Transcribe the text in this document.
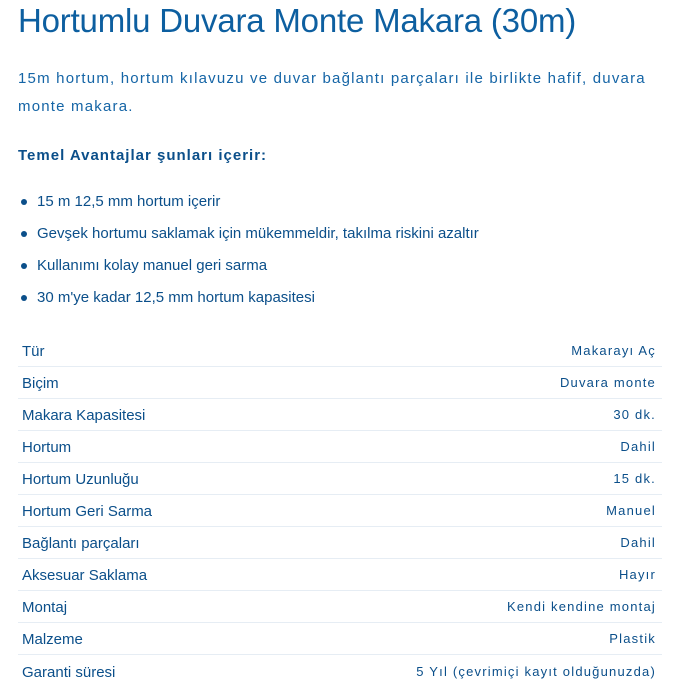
Hortumlu Duvara Monte Makara (30m)

15m hortum, hortum kılavuzu ve duvar bağlantı parçaları ile birlikte hafif, duvara monte makara.

Temel Avantajlar şunları içerir:
15 m 12,5 mm hortum içerir
Gevşek hortumu saklamak için mükemmeldir, takılma riskini azaltır
Kullanımı kolay manuel geri sarma
30 m'ye kadar 12,5 mm hortum kapasitesi
Tür	Makarayı Aç
Biçim	Duvara monte
Makara Kapasitesi	30 dk.
Hortum	Dahil
Hortum Uzunluğu	15 dk.
Hortum Geri Sarma	Manuel
Bağlantı parçaları	Dahil
Aksesuar Saklama	Hayır
Montaj	Kendi kendine montaj
Malzeme	Plastik
Garanti süresi	5 Yıl (çevrimiçi kayıt olduğunuzda)
